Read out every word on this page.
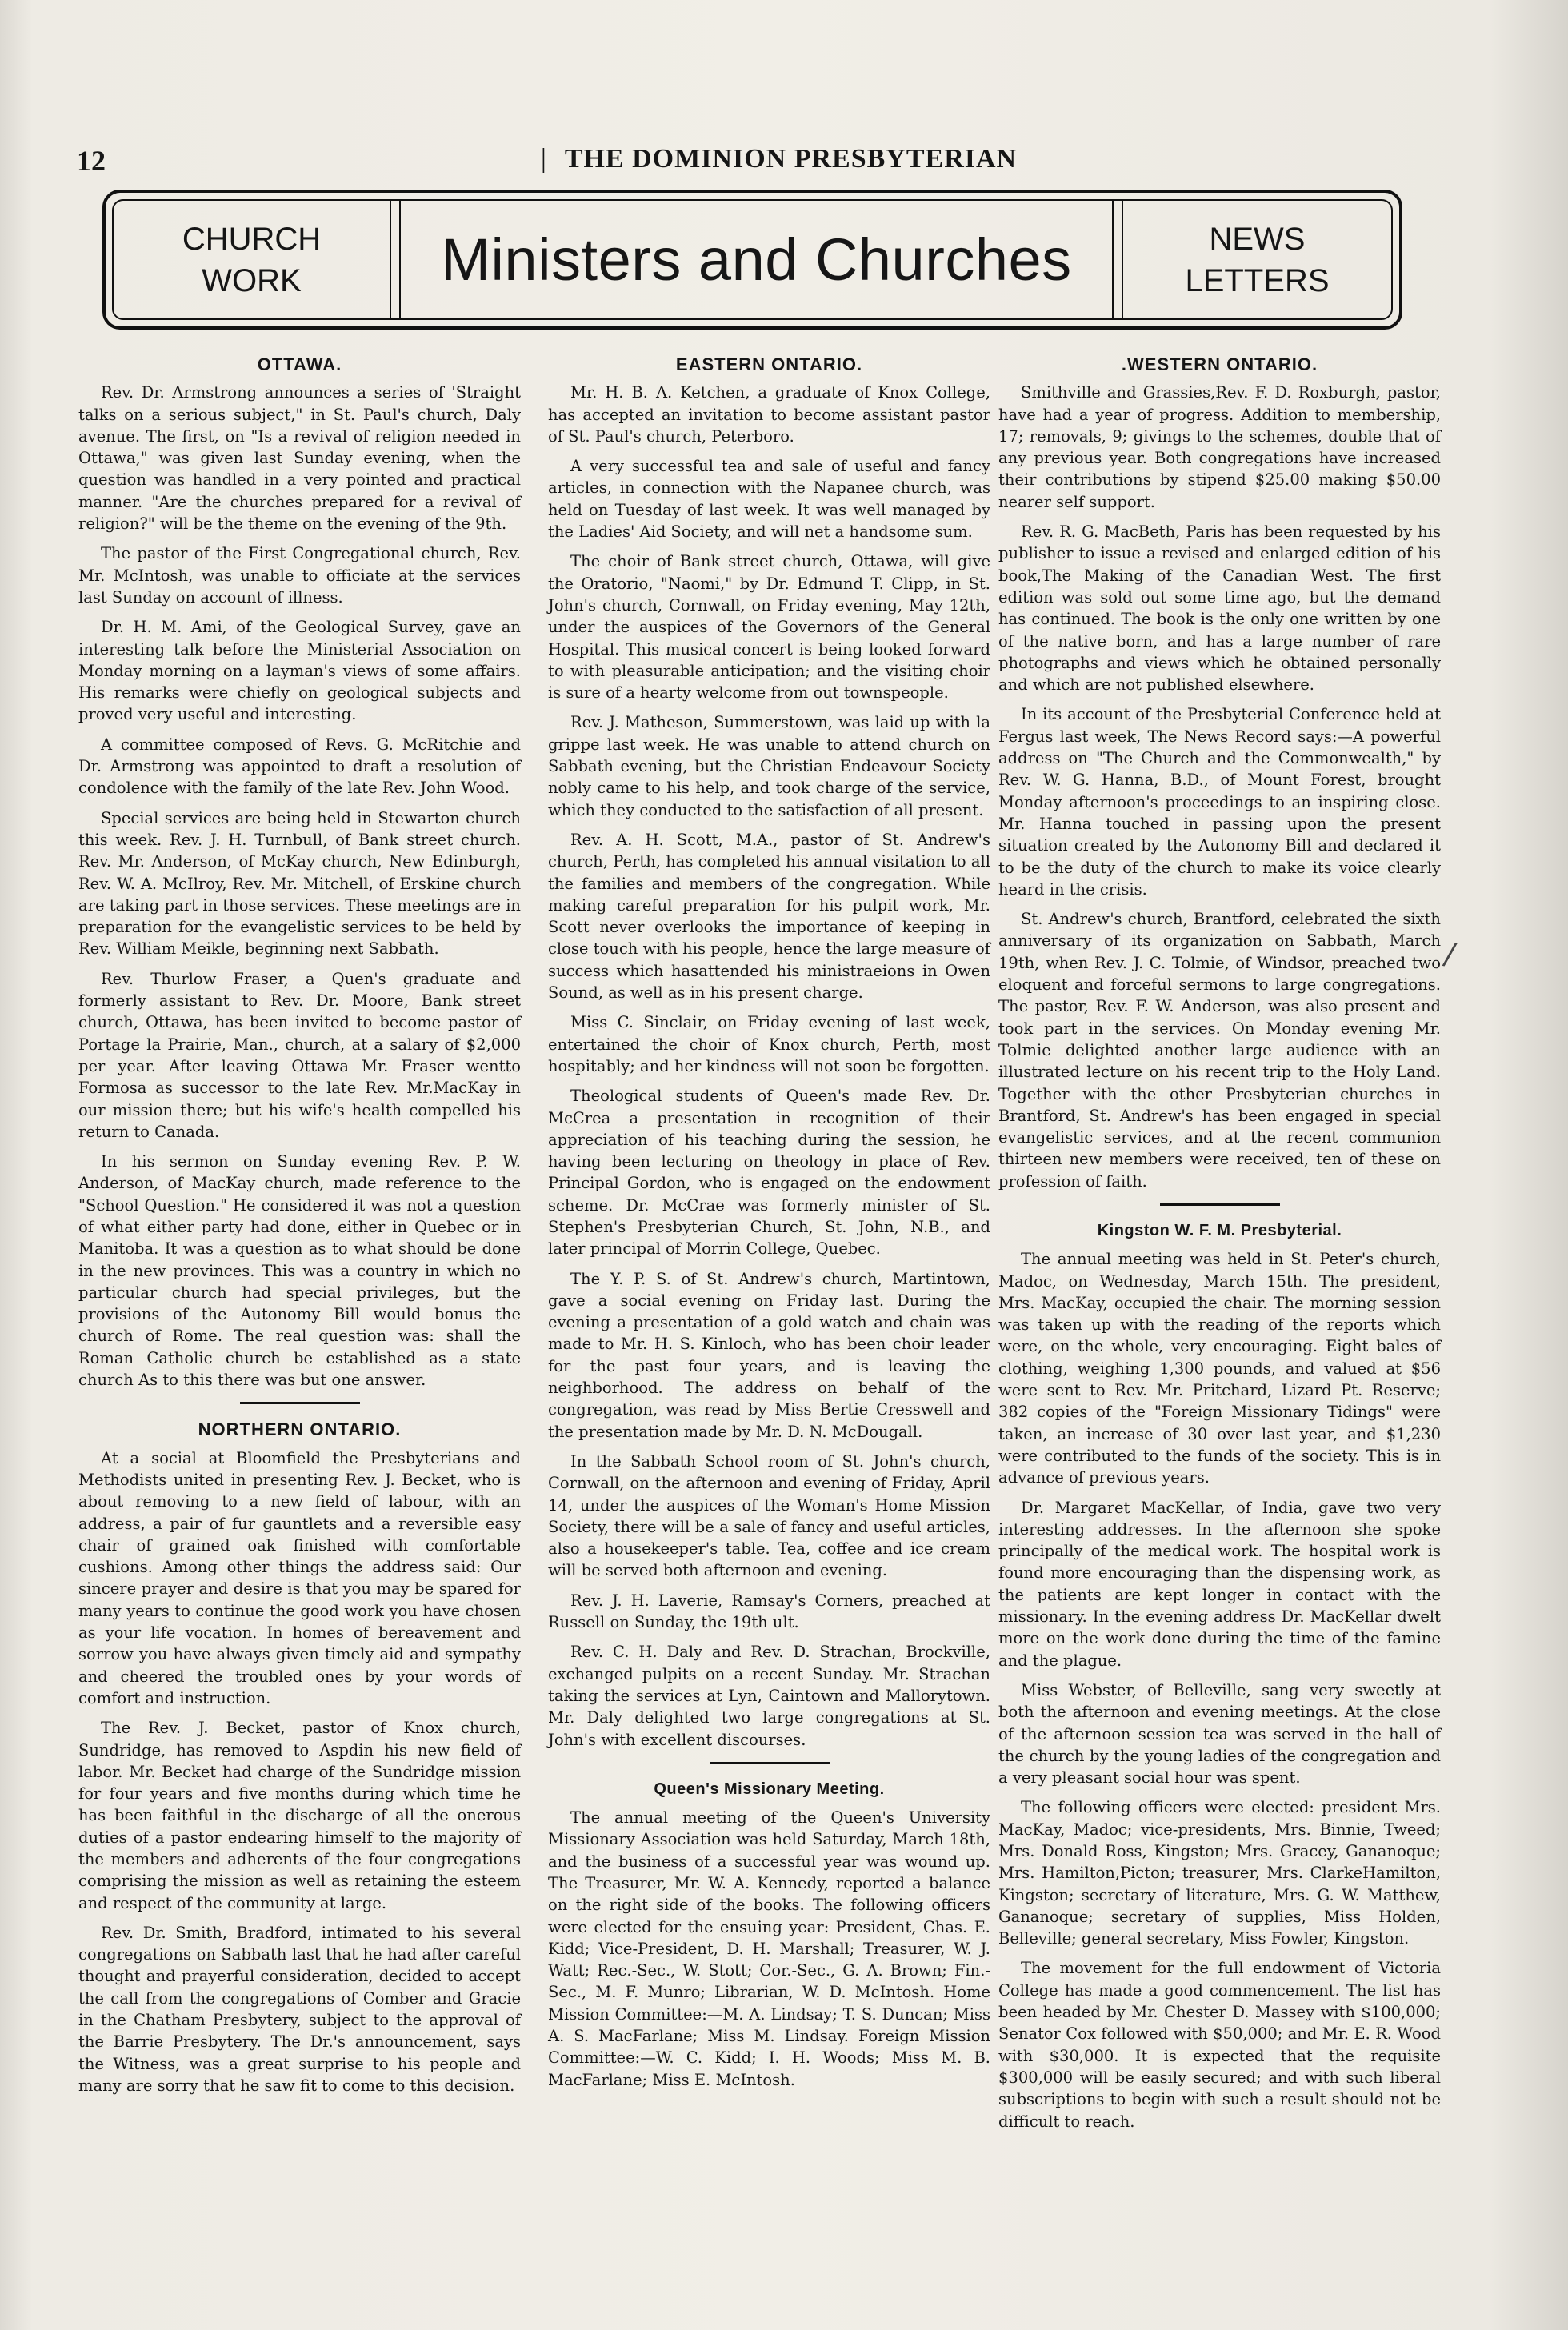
12	| THE DOMINION PRESBYTERIAN
CHURCH
WORK	Ministers and Churches	NEWS
LETTERS
OTTAWA.

Rev. Dr. Armstrong announces a series of 'Straight talks on a serious subject," in St. Paul's church, Daly avenue. The first, on "Is a revival of religion needed in Ottawa," was given last Sunday evening, when the question was handled in a very pointed and practical manner. "Are the churches prepared for a revival of religion?" will be the theme on the evening of the 9th.

The pastor of the First Congregational church, Rev. Mr. McIntosh, was unable to officiate at the services last Sunday on account of illness.

Dr. H. M. Ami, of the Geological Survey, gave an interesting talk before the Ministerial Association on Monday morning on a layman's views of some affairs. His remarks were chiefly on geological subjects and proved very useful and interesting.

A committee composed of Revs. G. McRitchie and Dr. Armstrong was appointed to draft a resolution of condolence with the family of the late Rev. John Wood.

Special services are being held in Stewarton church this week. Rev. J. H. Turnbull, of Bank street church. Rev. Mr. Anderson, of McKay church, New Edinburgh, Rev. W. A. McIlroy, Rev. Mr. Mitchell, of Erskine church are taking part in those services. These meetings are in preparation for the evangelistic services to be held by Rev. William Meikle, beginning next Sabbath.

Rev. Thurlow Fraser, a Quen's graduate and formerly assistant to Rev. Dr. Moore, Bank street church, Ottawa, has been invited to become pastor of Portage la Prairie, Man., church, at a salary of $2,000 per year. After leaving Ottawa Mr. Fraser wentto Formosa as successor to the late Rev. Mr.MacKay in our mission there; but his wife's health compelled his return to Canada.

In his sermon on Sunday evening Rev. P. W. Anderson, of MacKay church, made reference to the "School Question." He considered it was not a question of what either party had done, either in Quebec or in Manitoba. It was a question as to what should be done in the new provinces. This was a country in which no particular church had special privileges, but the provisions of the Autonomy Bill would bonus the church of Rome. The real question was: shall the Roman Catholic church be established as a state church As to this there was but one answer.

NORTHERN ONTARIO.

At a social at Bloomfield the Presbyterians and Methodists united in presenting Rev. J. Becket, who is about removing to a new field of labour, with an address, a pair of fur gauntlets and a reversible easy chair of grained oak finished with comfortable cushions. Among other things the address said: Our sincere prayer and desire is that you may be spared for many years to continue the good work you have chosen as your life vocation. In homes of bereavement and sorrow you have always given timely aid and sympathy and cheered the troubled ones by your words of comfort and instruction.

The Rev. J. Becket, pastor of Knox church, Sundridge, has removed to Aspdin his new field of labor. Mr. Becket had charge of the Sundridge mission for four years and five months during which time he has been faithful in the discharge of all the onerous duties of a pastor endearing himself to the majority of the members and adherents of the four congregations comprising the mission as well as retaining the esteem and respect of the community at large.

Rev. Dr. Smith, Bradford, intimated to his several congregations on Sabbath last that he had after careful thought and prayerful consideration, decided to accept the call from the congregations of Comber and Gracie in the Chatham Presbytery, subject to the approval of the Barrie Presbytery. The Dr.'s announcement, says the Witness, was a great surprise to his people and many are sorry that he saw fit to come to this decision.

EASTERN ONTARIO.

Mr. H. B. A. Ketchen, a graduate of Knox College, has accepted an invitation to become assistant pastor of St. Paul's church, Peterboro.

A very successful tea and sale of useful and fancy articles, in connection with the Napanee church, was held on Tuesday of last week. It was well managed by the Ladies' Aid Society, and will net a handsome sum.

The choir of Bank street church, Ottawa, will give the Oratorio, "Naomi," by Dr. Edmund T. Clipp, in St. John's church, Cornwall, on Friday evening, May 12th, under the auspices of the Governors of the General Hospital. This musical concert is being looked forward to with pleasurable anticipation; and the visiting choir is sure of a hearty welcome from out townspeople.

Rev. J. Matheson, Summerstown, was laid up with la grippe last week. He was unable to attend church on Sabbath evening, but the Christian Endeavour Society nobly came to his help, and took charge of the service, which they conducted to the satisfaction of all present.

Rev. A. H. Scott, M.A., pastor of St. Andrew's church, Perth, has completed his annual visitation to all the families and members of the congregation. While making careful preparation for his pulpit work, Mr. Scott never overlooks the importance of keeping in close touch with his people, hence the large measure of success which hasattended his ministraeions in Owen Sound, as well as in his present charge.

Miss C. Sinclair, on Friday evening of last week, entertained the choir of Knox church, Perth, most hospitably; and her kindness will not soon be forgotten.

Theological students of Queen's made Rev. Dr. McCrea a presentation in recognition of their appreciation of his teaching during the session, he having been lecturing on theology in place of Rev. Principal Gordon, who is engaged on the endowment scheme. Dr. McCrae was formerly minister of St. Stephen's Presbyterian Church, St. John, N.B., and later principal of Morrin College, Quebec.

The Y. P. S. of St. Andrew's church, Martintown, gave a social evening on Friday last. During the evening a presentation of a gold watch and chain was made to Mr. H. S. Kinloch, who has been choir leader for the past four years, and is leaving the neighborhood. The address on behalf of the congregation, was read by Miss Bertie Cresswell and the presentation made by Mr. D. N. McDougall.

In the Sabbath School room of St. John's church, Cornwall, on the afternoon and evening of Friday, April 14, under the auspices of the Woman's Home Mission Society, there will be a sale of fancy and useful articles, also a housekeeper's table. Tea, coffee and ice cream will be served both afternoon and evening.

Rev. J. H. Laverie, Ramsay's Corners, preached at Russell on Sunday, the 19th ult.

Rev. C. H. Daly and Rev. D. Strachan, Brockville, exchanged pulpits on a recent Sunday. Mr. Strachan taking the services at Lyn, Caintown and Mallorytown. Mr. Daly delighted two large congregations at St. John's with excellent discourses.

Queen's Missionary Meeting.

The annual meeting of the Queen's University Missionary Association was held Saturday, March 18th, and the business of a successful year was wound up. The Treasurer, Mr. W. A. Kennedy, reported a balance on the right side of the books. The following officers were elected for the ensuing year: President, Chas. E. Kidd; Vice-President, D. H. Marshall; Treasurer, W. J. Watt; Rec.-Sec., W. Stott; Cor.-Sec., G. A. Brown; Fin.-Sec., M. F. Munro; Librarian, W. D. McIntosh. Home Mission Committee:—M. A. Lindsay; T. S. Duncan; Miss A. S. MacFarlane; Miss M. Lindsay. Foreign Mission Committee:—W. C. Kidd; I. H. Woods; Miss M. B. MacFarlane; Miss E. McIntosh.

.WESTERN ONTARIO.

Smithville and Grassies,Rev. F. D. Roxburgh, pastor, have had a year of progress. Addition to membership, 17; removals, 9; givings to the schemes, double that of any previous year. Both congregations have increased their contributions by stipend $25.00 making $50.00 nearer self support.

Rev. R. G. MacBeth, Paris has been requested by his publisher to issue a revised and enlarged edition of his book,The Making of the Canadian West. The first edition was sold out some time ago, but the demand has continued. The book is the only one written by one of the native born, and has a large number of rare photographs and views which he obtained personally and which are not published elsewhere.

In its account of the Presbyterial Conference held at Fergus last week, The News Record says:—A powerful address on "The Church and the Commonwealth," by Rev. W. G. Hanna, B.D., of Mount Forest, brought Monday afternoon's proceedings to an inspiring close. Mr. Hanna touched in passing upon the present situation created by the Autonomy Bill and declared it to be the duty of the church to make its voice clearly heard in the crisis.

St. Andrew's church, Brantford, celebrated the sixth anniversary of its organization on Sabbath, March 19th, when Rev. J. C. Tolmie, of Windsor, preached two eloquent and forceful sermons to large congregations. The pastor, Rev. F. W. Anderson, was also present and took part in the services. On Monday evening Mr. Tolmie delighted another large audience with an illustrated lecture on his recent trip to the Holy Land. Together with the other Presbyterian churches in Brantford, St. Andrew's has been engaged in special evangelistic services, and at the recent communion thirteen new members were received, ten of these on profession of faith.

Kingston W. F. M. Presbyterial.

The annual meeting was held in St. Peter's church, Madoc, on Wednesday, March 15th. The president, Mrs. MacKay, occupied the chair. The morning session was taken up with the reading of the reports which were, on the whole, very encouraging. Eight bales of clothing, weighing 1,300 pounds, and valued at $56 were sent to Rev. Mr. Pritchard, Lizard Pt. Reserve; 382 copies of the "Foreign Missionary Tidings" were taken, an increase of 30 over last year, and $1,230 were contributed to the funds of the society. This is in advance of previous years.

Dr. Margaret MacKellar, of India, gave two very interesting addresses. In the afternoon she spoke principally of the medical work. The hospital work is found more encouraging than the dispensing work, as the patients are kept longer in contact with the missionary. In the evening address Dr. MacKellar dwelt more on the work done during the time of the famine and the plague.

Miss Webster, of Belleville, sang very sweetly at both the afternoon and evening meetings. At the close of the afternoon session tea was served in the hall of the church by the young ladies of the congregation and a very pleasant social hour was spent.

The following officers were elected: president Mrs. MacKay, Madoc; vice-presidents, Mrs. Binnie, Tweed; Mrs. Donald Ross, Kingston; Mrs. Gracey, Gananoque; Mrs. Hamilton,Picton; treasurer, Mrs. ClarkeHamilton, Kingston; secretary of literature, Mrs. G. W. Matthew, Gananoque; secretary of supplies, Miss Holden, Belleville; general secretary, Miss Fowler, Kingston.

The movement for the full endowment of Victoria College has made a good commencement. The list has been headed by Mr. Chester D. Massey with $100,000; Senator Cox followed with $50,000; and Mr. E. R. Wood with $30,000. It is expected that the requisite $300,000 will be easily secured; and with such liberal subscriptions to begin with such a result should not be difficult to reach.

/
